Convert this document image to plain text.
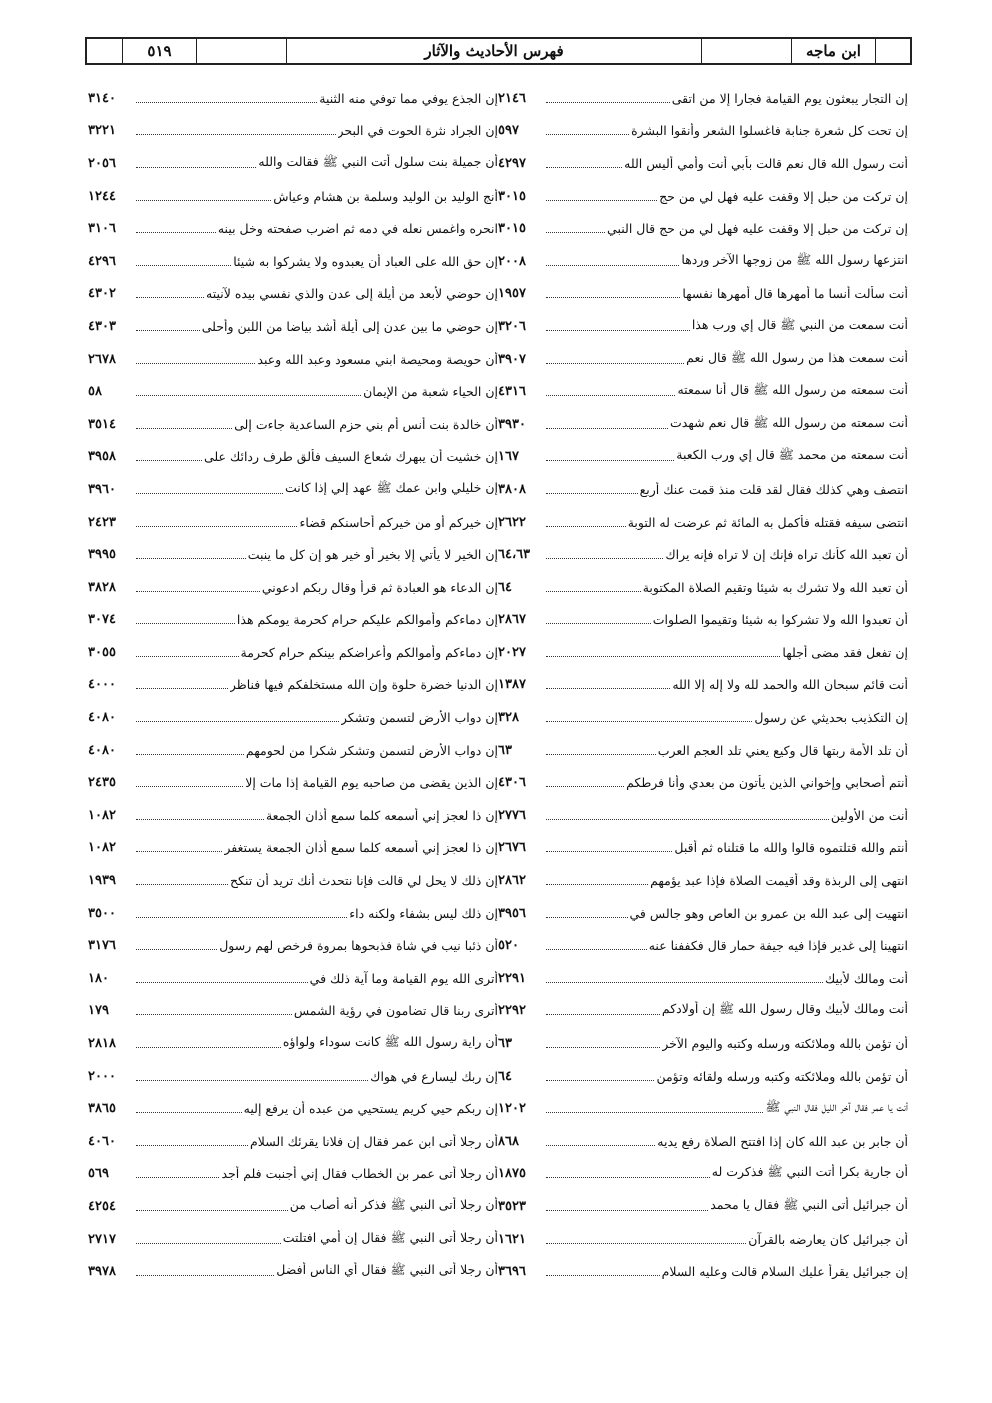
٥١٩	فهرس الأحاديث والآثار	ابن ماجه
إن التجار يبعثون يوم القيامة فجارا إلا من اتقى
٢١٤٦
إن تحت كل شعرة جنابة فاغسلوا الشعر وأنقوا البشرة
٥٩٧
أنت رسول الله قال نعم قالت بأبي أنت وأمي أليس الله
٤٢٩٧
إن تركت من حبل إلا وقفت عليه فهل لي من حج
٣٠١٥
إن تركت من حبل إلا وقفت عليه فهل لي من حج قال النبي
٣٠١٥
انتزعها رسول الله ﷺ من زوجها الآخر وردها
٢٠٠٨
أنت سألت أنسا ما أمهرها قال أمهرها نفسها
١٩٥٧
أنت سمعت من النبي ﷺ قال إي ورب هذا
٣٢٠٦
أنت سمعت هذا من رسول الله ﷺ قال نعم
٣٩٠٧
أنت سمعته من رسول الله ﷺ قال أنا سمعته
٤٣١٦
أنت سمعته من رسول الله ﷺ قال نعم شهدت
٣٩٣٠
أنت سمعته من محمد ﷺ قال إي ورب الكعبة
١٦٧
انتصف وهي كذلك فقال لقد قلت منذ قمت عنك أربع
٣٨٠٨
انتضى سيفه فقتله فأكمل به المائة ثم عرضت له التوبة
٢٦٢٢
أن تعبد الله كأنك تراه فإنك إن لا تراه فإنه يراك
٦٤،٦٣
أن تعبد الله ولا تشرك به شيئا وتقيم الصلاة المكتوبة
٦٤
أن تعبدوا الله ولا تشركوا به شيئا وتقيموا الصلوات
٢٨٦٧
إن تفعل فقد مضى أجلها
٢٠٢٧
أنت قائم سبحان الله والحمد لله ولا إله إلا الله
١٣٨٧
إن التكذيب بحديثي عن رسول
٣٢٨
أن تلد الأمة ربتها قال وكيع يعني تلد العجم العرب
٦٣
أنتم أصحابي وإخواني الذين يأتون من بعدي وأنا فرطكم
٤٣٠٦
أنت من الأولين
٢٧٧٦
أنتم والله قتلتموه قالوا والله ما قتلناه ثم أقبل
٢٦٧٦
انتهى إلى الربذة وقد أقيمت الصلاة فإذا عبد يؤمهم
٢٨٦٢
انتهيت إلى عبد الله بن عمرو بن العاص وهو جالس في
٣٩٥٦
انتهينا إلى غدير فإذا فيه جيفة حمار قال فكففنا عنه
٥٢٠
أنت ومالك لأبيك
٢٢٩١
أنت ومالك لأبيك وقال رسول الله ﷺ إن أولادكم
٢٢٩٢
أن تؤمن بالله وملائكته ورسله وكتبه واليوم الآخر
٦٣
أن تؤمن بالله وملائكته وكتبه ورسله ولقائه وتؤمن
٦٤
أنت يا عمر فقال آخر الليل فقال النبي ﷺ
١٢٠٢
أن جابر بن عبد الله كان إذا افتتح الصلاة رفع يديه
٨٦٨
أن جارية بكرا أتت النبي ﷺ فذكرت له
١٨٧٥
أن جبرائيل أتى النبي ﷺ فقال يا محمد
٣٥٢٣
أن جبرائيل كان يعارضه بالقرآن
١٦٢١
إن جبرائيل يقرأ عليك السلام قالت وعليه السلام
٣٦٩٦
إن الجذع يوفي مما توفي منه الثنية
٣١٤٠
إن الجراد نثرة الحوت في البحر
٣٢٢١
أن جميلة بنت سلول أتت النبي ﷺ فقالت والله
٢٠٥٦
أنج الوليد بن الوليد وسلمة بن هشام وعياش
١٢٤٤
انحره واغمس نعله في دمه ثم اضرب صفحته وخل بينه
٣١٠٦
إن حق الله على العباد أن يعبدوه ولا يشركوا به شيئا
٤٢٩٦
إن حوضي لأبعد من أيلة إلى عدن والذي نفسي بيده لآنيته
٤٣٠٢
إن حوضي ما بين عدن إلى أيلة أشد بياضا من اللبن وأحلى
٤٣٠٣
أن حويصة ومحيصة ابني مسعود وعبد الله وعبد
٢٦٧٨
إن الحياء شعبة من الإيمان
٥٨
أن خالدة بنت أنس أم بني حزم الساعدية جاءت إلى
٣٥١٤
إن خشيت أن يبهرك شعاع السيف فألق طرف ردائك على
٣٩٥٨
إن خليلي وابن عمك ﷺ عهد إلي إذا كانت
٣٩٦٠
إن خيركم أو من خيركم أحاسنكم قضاء
٢٤٢٣
إن الخير لا يأتي إلا بخير أو خير هو إن كل ما ينبت
٣٩٩٥
إن الدعاء هو العبادة ثم قرأ وقال ربكم ادعوني
٣٨٢٨
إن دماءكم وأموالكم عليكم حرام كحرمة يومكم هذا
٣٠٧٤
إن دماءكم وأموالكم وأعراضكم بينكم حرام كحرمة
٣٠٥٥
إن الدنيا خضرة حلوة وإن الله مستخلفكم فيها فناظر
٤٠٠٠
إن دواب الأرض لتسمن وتشكر
٤٠٨٠
إن دواب الأرض لتسمن وتشكر شكرا من لحومهم
٤٠٨٠
إن الذين يقضى من صاحبه يوم القيامة إذا مات إلا
٢٤٣٥
إن ذا لعجز إني أسمعه كلما سمع أذان الجمعة
١٠٨٢
إن ذا لعجز إني أسمعه كلما سمع أذان الجمعة يستغفر
١٠٨٢
إن ذلك لا يحل لي قالت فإنا نتحدث أنك تريد أن تنكح
١٩٣٩
إن ذلك ليس بشفاء ولكنه داء
٣٥٠٠
أن ذئبا نيب في شاة فذبحوها بمروة فرخص لهم رسول
٣١٧٦
أترى الله يوم القيامة وما آية ذلك في
١٨٠
أترى ربنا قال تضامون في رؤية الشمس
١٧٩
أن راية رسول الله ﷺ كانت سوداء ولواؤه
٢٨١٨
إن ربك ليسارع في هواك
٢٠٠٠
إن ربكم حيي كريم يستحيي من عبده أن يرفع إليه
٣٨٦٥
أن رجلا أتى ابن عمر فقال إن فلانا يقرئك السلام
٤٠٦٠
أن رجلا أتى عمر بن الخطاب فقال إني أجنبت فلم أجد
٥٦٩
أن رجلا أتى النبي ﷺ فذكر أنه أصاب من
٤٢٥٤
أن رجلا أتى النبي ﷺ فقال إن أمي افتلتت
٢٧١٧
أن رجلا أتى النبي ﷺ فقال أي الناس أفضل
٣٩٧٨
